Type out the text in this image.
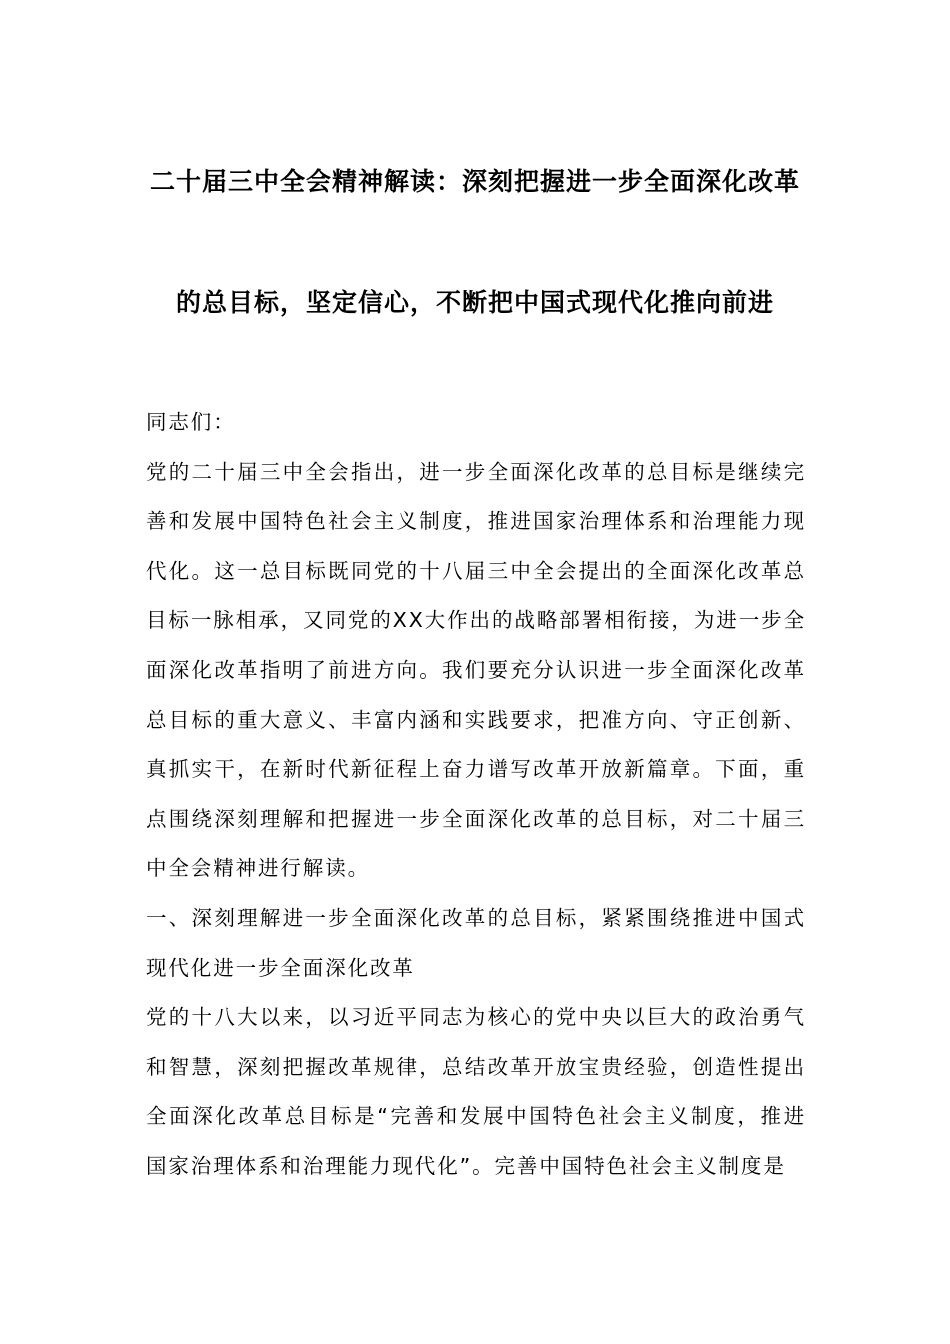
二十届三中全会精神解读：深刻把握进一步全面深化改革
的总目标，坚定信心，不断把中国式现代化推向前进

同志们：

党的二十届三中全会指出，进一步全面深化改革的总目标是继续完善和发展中国特色社会主义制度，推进国家治理体系和治理能力现代化。这一总目标既同党的十八届三中全会提出的全面深化改革总目标一脉相承，又同党的XX大作出的战略部署相衔接，为进一步全面深化改革指明了前进方向。我们要充分认识进一步全面深化改革总目标的重大意义、丰富内涵和实践要求，把准方向、守正创新、真抓实干，在新时代新征程上奋力谱写改革开放新篇章。下面，重点围绕深刻理解和把握进一步全面深化改革的总目标，对二十届三中全会精神进行解读。

一、深刻理解进一步全面深化改革的总目标，紧紧围绕推进中国式现代化进一步全面深化改革

党的十八大以来，以习近平同志为核心的党中央以巨大的政治勇气和智慧，深刻把握改革规律，总结改革开放宝贵经验，创造性提出全面深化改革总目标是“完善和发展中国特色社会主义制度，推进国家治理体系和治理能力现代化”。完善中国特色社会主义制度是
